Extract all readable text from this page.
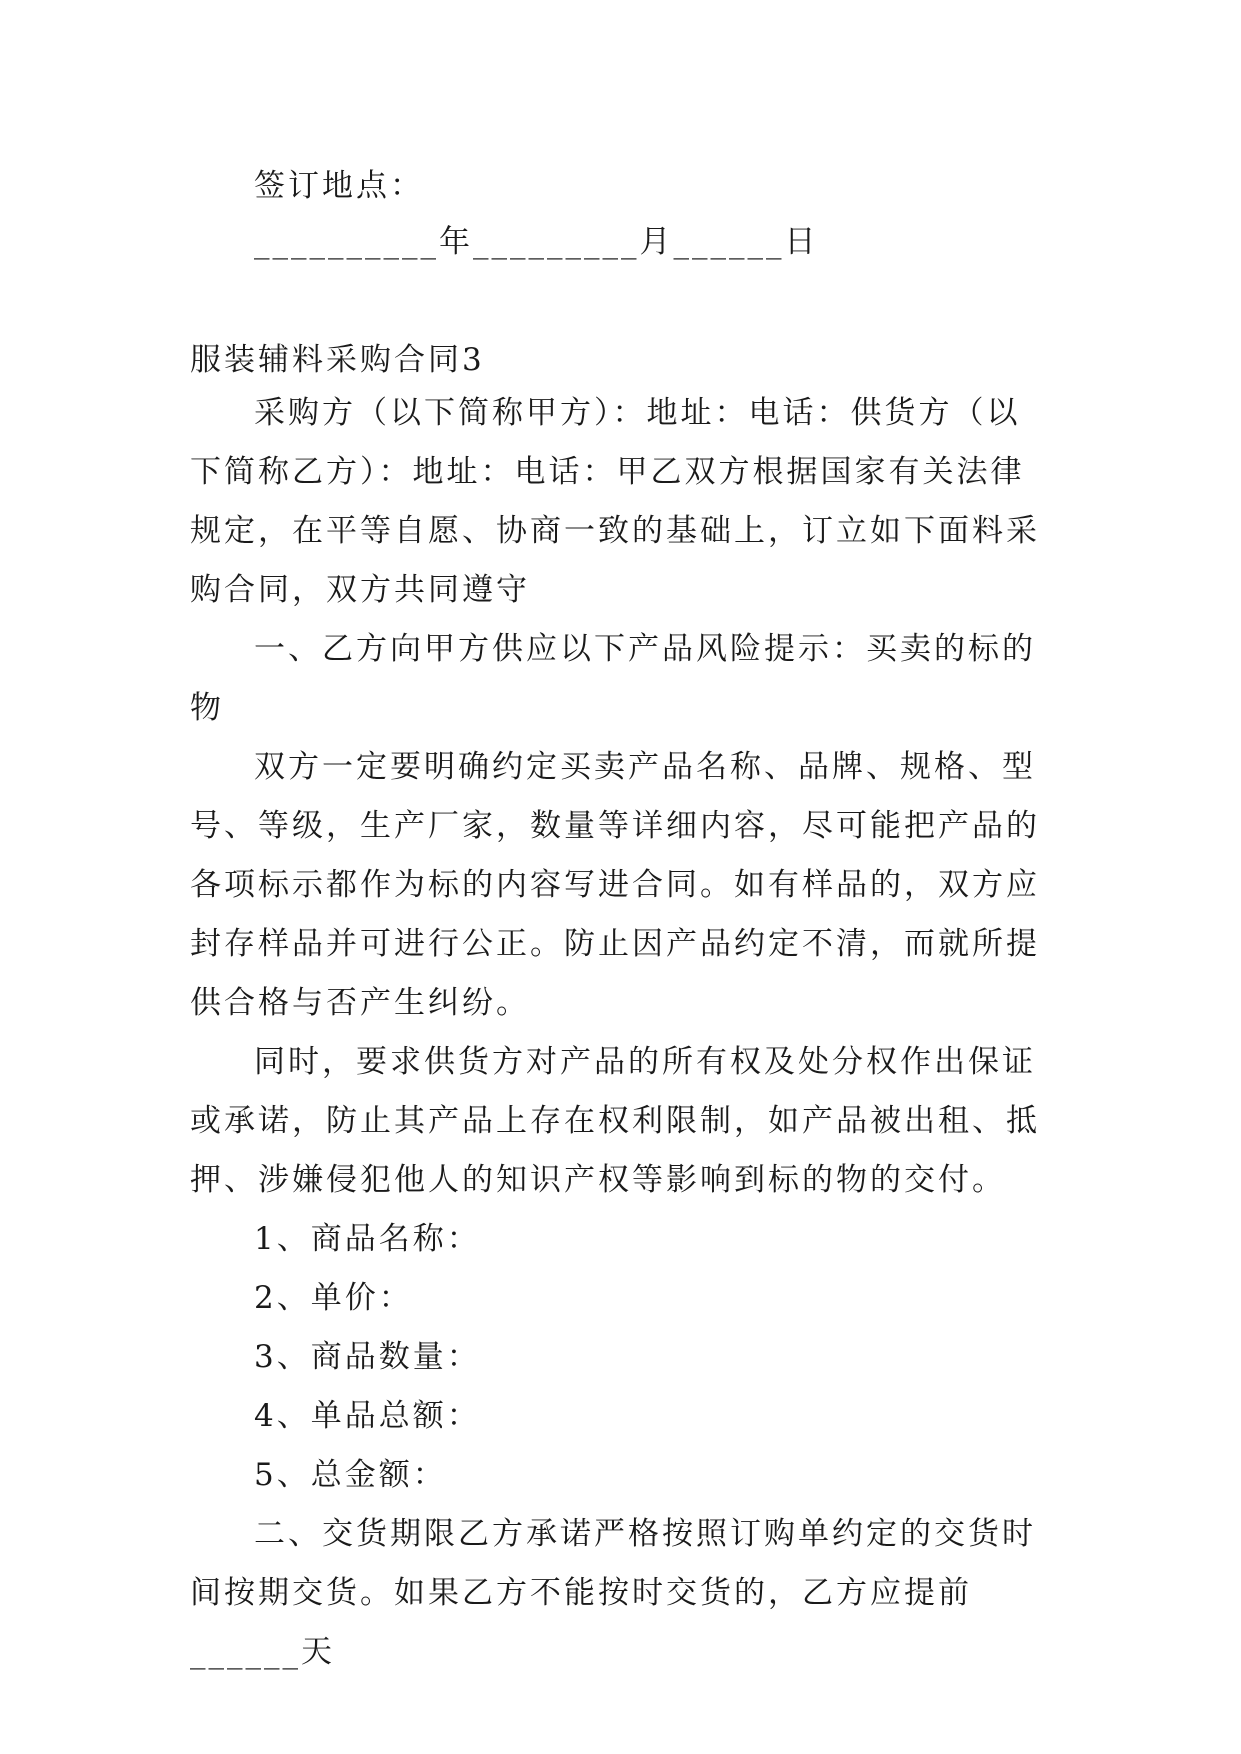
签订地点：
__________年_________月______日
服装辅料采购合同3

采购方（以下简称甲方）：地址：电话：供货方（以下简称乙方）：地址：电话：甲乙双方根据国家有关法律规定，在平等自愿、协商一致的基础上，订立如下面料采购合同，双方共同遵守

一、乙方向甲方供应以下产品风险提示：买卖的标的物

双方一定要明确约定买卖产品名称、品牌、规格、型号、等级，生产厂家，数量等详细内容，尽可能把产品的各项标示都作为标的内容写进合同。如有样品的，双方应封存样品并可进行公正。防止因产品约定不清，而就所提供合格与否产生纠纷。

同时，要求供货方对产品的所有权及处分权作出保证或承诺，防止其产品上存在权利限制，如产品被出租、抵押、涉嫌侵犯他人的知识产权等影响到标的物的交付。

1、商品名称：

2、单价：

3、商品数量：

4、单品总额：

5、总金额：

二、交货期限乙方承诺严格按照订购单约定的交货时间按期交货。如果乙方不能按时交货的，乙方应提前______天
